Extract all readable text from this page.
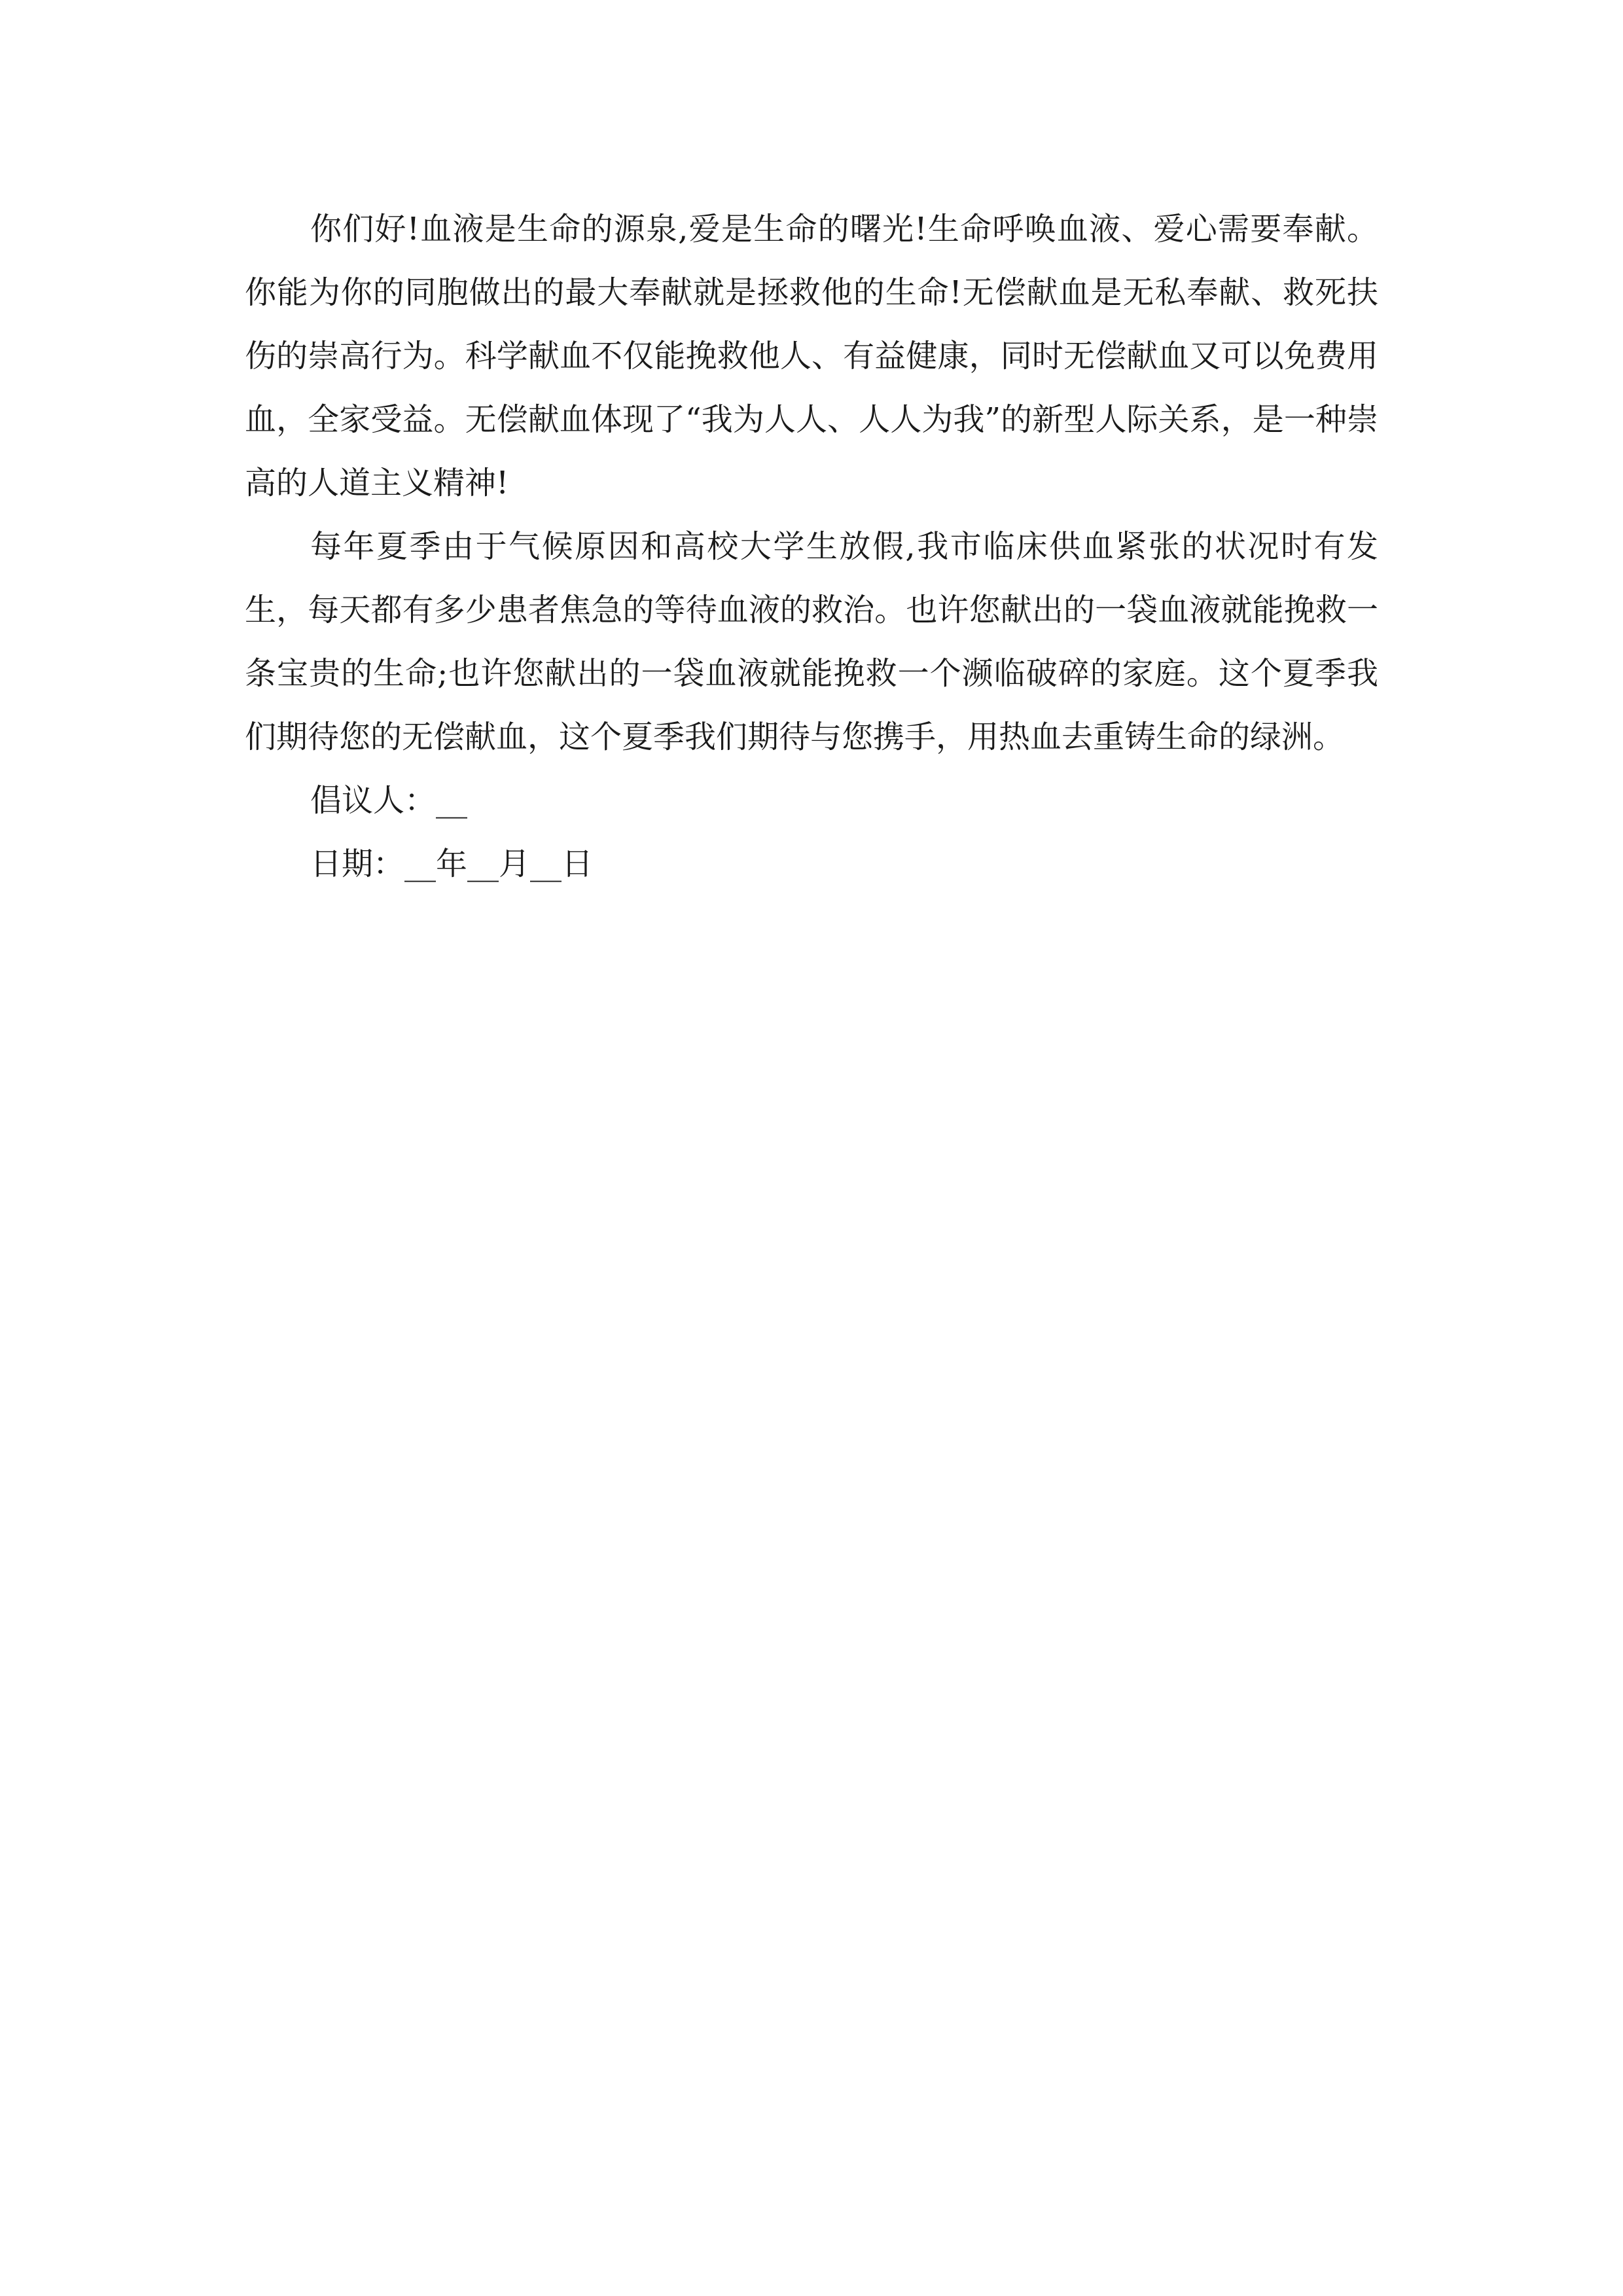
你们好!血液是生命的源泉,爱是生命的曙光!生命呼唤血液、爱心需要奉献。你能为你的同胞做出的最大奉献就是拯救他的生命!无偿献血是无私奉献、救死扶伤的崇高行为。科学献血不仅能挽救他人、有益健康，同时无偿献血又可以免费用血，全家受益。无偿献血体现了“我为人人、人人为我”的新型人际关系，是一种崇高的人道主义精神!

每年夏季由于气候原因和高校大学生放假,我市临床供血紧张的状况时有发生，每天都有多少患者焦急的等待血液的救治。也许您献出的一袋血液就能挽救一条宝贵的生命;也许您献出的一袋血液就能挽救一个濒临破碎的家庭。这个夏季我们期待您的无偿献血，这个夏季我们期待与您携手，用热血去重铸生命的绿洲。

倡议人：__

日期：__年__月__日
